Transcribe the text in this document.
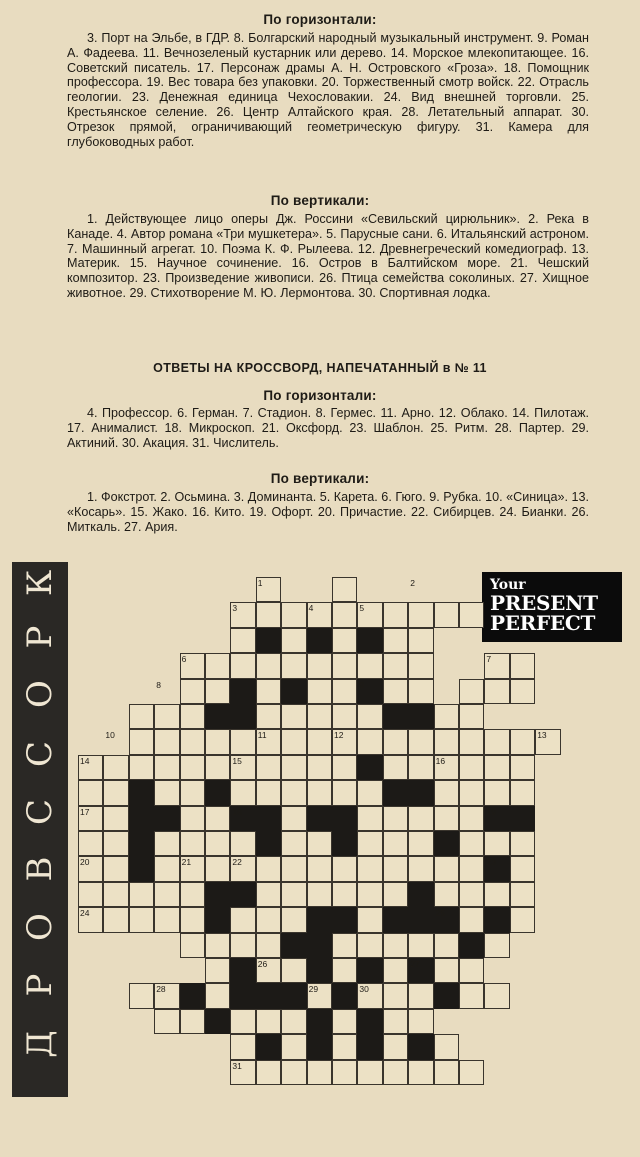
По горизонтали:

3. Порт на Эльбе, в ГДР. 8. Болгарский народный музыкальный инструмент. 9. Роман А. Фадеева. 11. Вечнозеленый кустарник или дерево. 14. Морское млекопитающее. 16. Советский писатель. 17. Персонаж драмы А. Н. Островского «Гроза». 18. Помощник профессора. 19. Вес товара без упаковки. 20. Торжественный смотр войск. 22. Отрасль геологии. 23. Денежная единица Чехословакии. 24. Вид внешней торговли. 25. Крестьянское селение. 26. Центр Алтайского края. 28. Летательный аппарат. 30. Отрезок прямой, ограничивающий геометрическую фигуру. 31. Камера для глубоководных работ.

По вертикали:

1. Действующее лицо оперы Дж. Россини «Севильский цирюльник». 2. Река в Канаде. 4. Автор романа «Три мушкетера». 5. Парусные сани. 6. Итальянский астроном. 7. Машинный агрегат. 10. Поэма К. Ф. Рылеева. 12. Древнегреческий комедиограф. 13. Материк. 15. Научное сочинение. 16. Остров в Балтийском море. 21. Чешский композитор. 23. Произведение живописи. 26. Птица семейства соколиных. 27. Хищное животное. 29. Стихотворение М. Ю. Лермонтова. 30. Спортивная лодка.

ОТВЕТЫ НА КРОССВОРД, НАПЕЧАТАННЫЙ в № 11
По горизонтали:

4. Профессор. 6. Герман. 7. Стадион. 8. Гермес. 11. Арно. 12. Облако. 14. Пилотаж. 17. Анималист. 18. Микроскоп. 21. Оксфорд. 23. Шаблон. 25. Ритм. 28. Партер. 29. Актиний. 30. Акация. 31. Числитель.

По вертикали:

1. Фокстрот. 2. Осьмина. 3. Доминанта. 5. Карета. 6. Гюго. 9. Рубка. 10. «Синица». 13. «Косарь». 15. Жако. 16. Кито. 19. Офорт. 20. Причастие. 22. Сибирцев. 24. Бианки. 26. Миткаль. 27. Ария.

К
Р
О
С
С
В
О
Р
Д
Your
PRESENT
PERFECT
1	2
3	4	5
6	7
8	9
10	11	12	13
14	15	16
17	18	19
20	21	22	23
24	25
26	27
28	29	30
31
